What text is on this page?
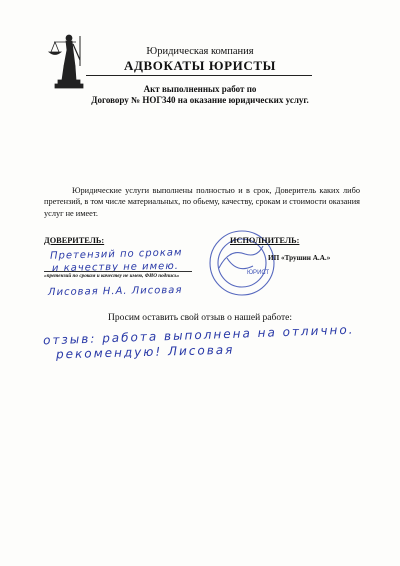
Юридическая компания
АДВОКАТЫ ЮРИСТЫ
Акт выполненных работ по
Договору № НОГ340 на оказание юридических услуг.
Юридические услуги выполнены полностью и в срок, Доверитель каких либо претензий, в том числе материальных, по обьему, качеству, срокам и стоимости оказания услуг не имеет.
ДОВЕРИТЕЛЬ:
Претензий по срокам
и качеству не имею.
«претензий по срокам и качеству не имею, ФИО подпись»
Лисовая Н.А. Лисовая
ЮРИСТ
ИСПОЛНИТЕЛЬ:
ИП «Трушин А.А.»
Просим оставить свой отзыв о нашей работе:
отзыв: работа выполнена на отлично.
рекомендую! Лисовая
